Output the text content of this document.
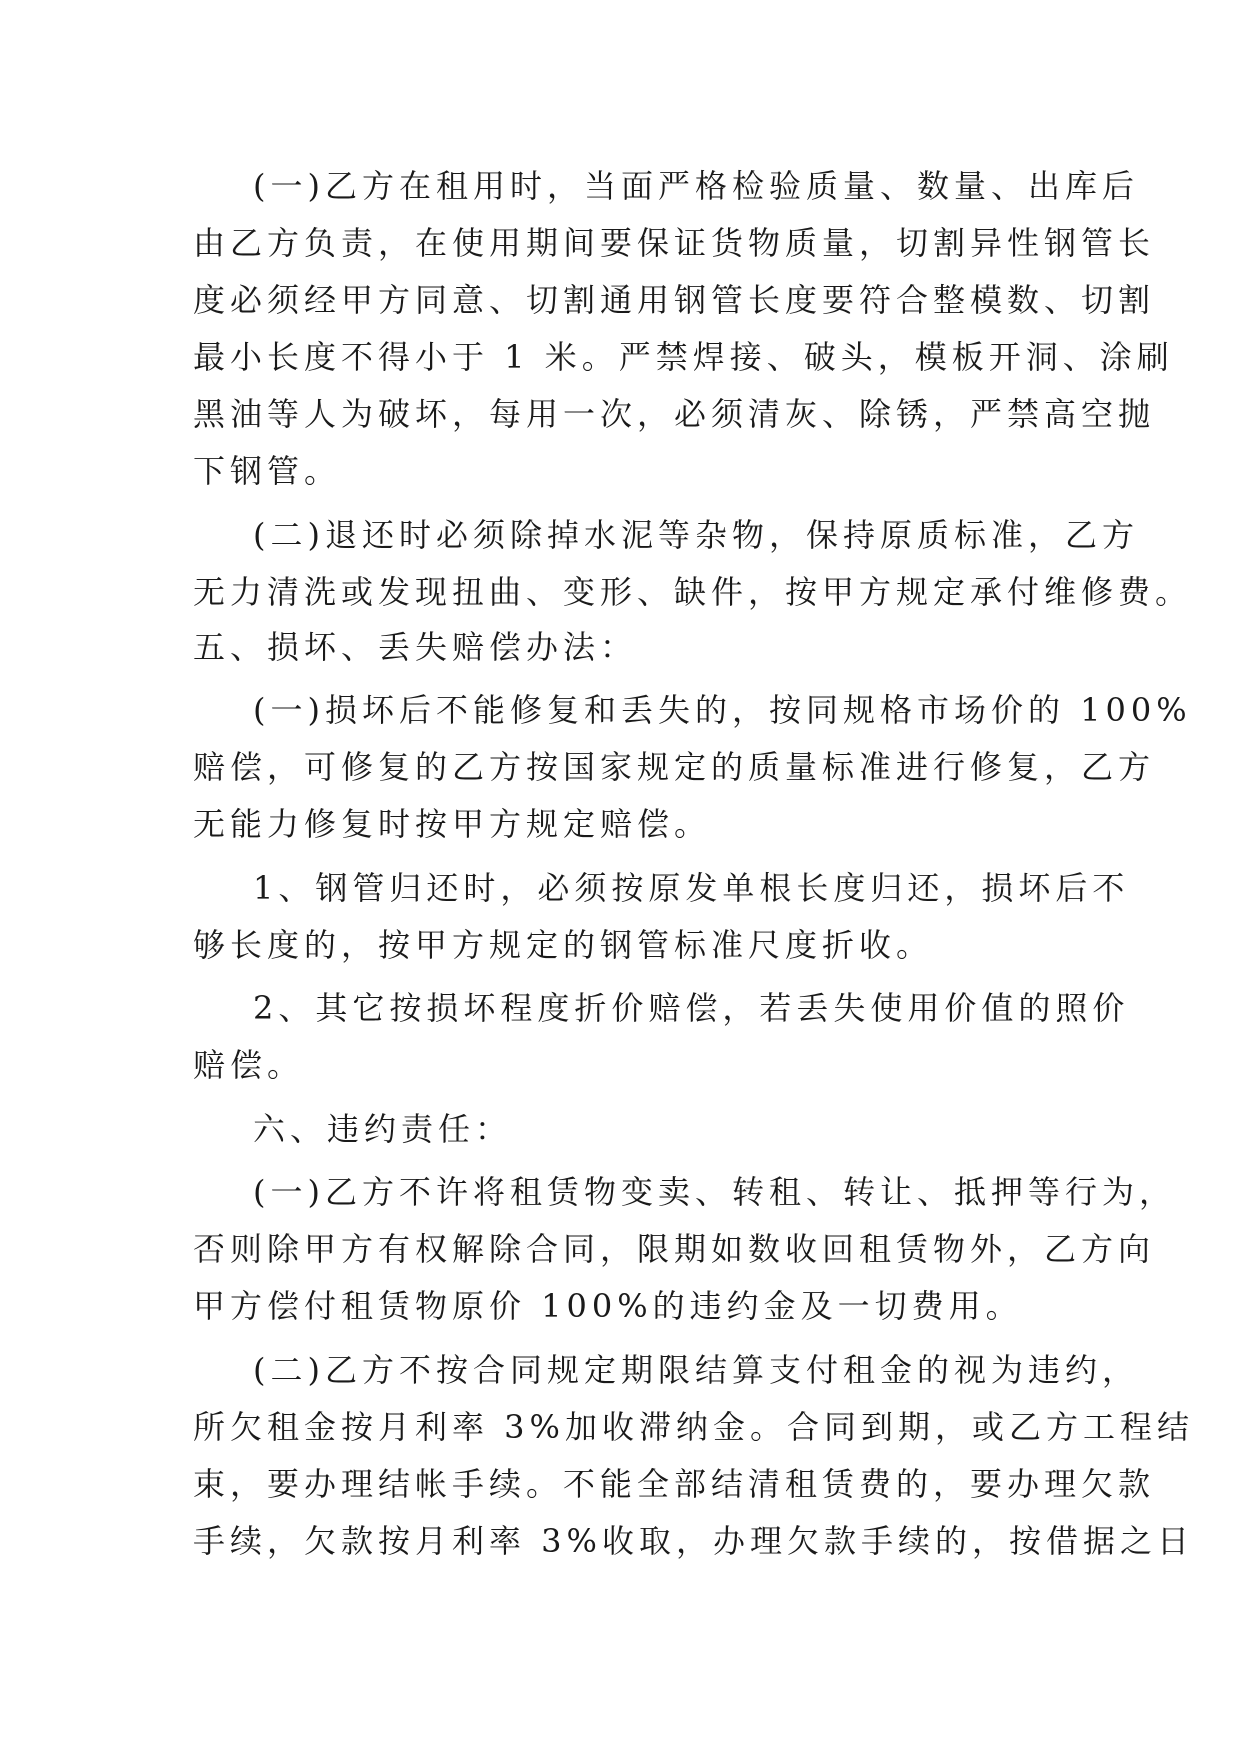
(一)乙方在租用时，当面严格检验质量、数量、出库后
由乙方负责，在使用期间要保证货物质量，切割异性钢管长
度必须经甲方同意、切割通用钢管长度要符合整模数、切割
最小长度不得小于 1 米。严禁焊接、破头，模板开洞、涂刷
黑油等人为破坏，每用一次，必须清灰、除锈，严禁高空抛
下钢管。
(二)退还时必须除掉水泥等杂物，保持原质标准，乙方
无力清洗或发现扭曲、变形、缺件，按甲方规定承付维修费。
五、损坏、丢失赔偿办法：
(一)损坏后不能修复和丢失的，按同规格市场价的 100%
赔偿，可修复的乙方按国家规定的质量标准进行修复，乙方
无能力修复时按甲方规定赔偿。
1、钢管归还时，必须按原发单根长度归还，损坏后不
够长度的，按甲方规定的钢管标准尺度折收。
2、其它按损坏程度折价赔偿，若丢失使用价值的照价
赔偿。
六、违约责任：
(一)乙方不许将租赁物变卖、转租、转让、抵押等行为，
否则除甲方有权解除合同，限期如数收回租赁物外，乙方向
甲方偿付租赁物原价 100%的违约金及一切费用。
(二)乙方不按合同规定期限结算支付租金的视为违约，
所欠租金按月利率 3%加收滞纳金。合同到期，或乙方工程结
束，要办理结帐手续。不能全部结清租赁费的，要办理欠款
手续，欠款按月利率 3%收取，办理欠款手续的，按借据之日
